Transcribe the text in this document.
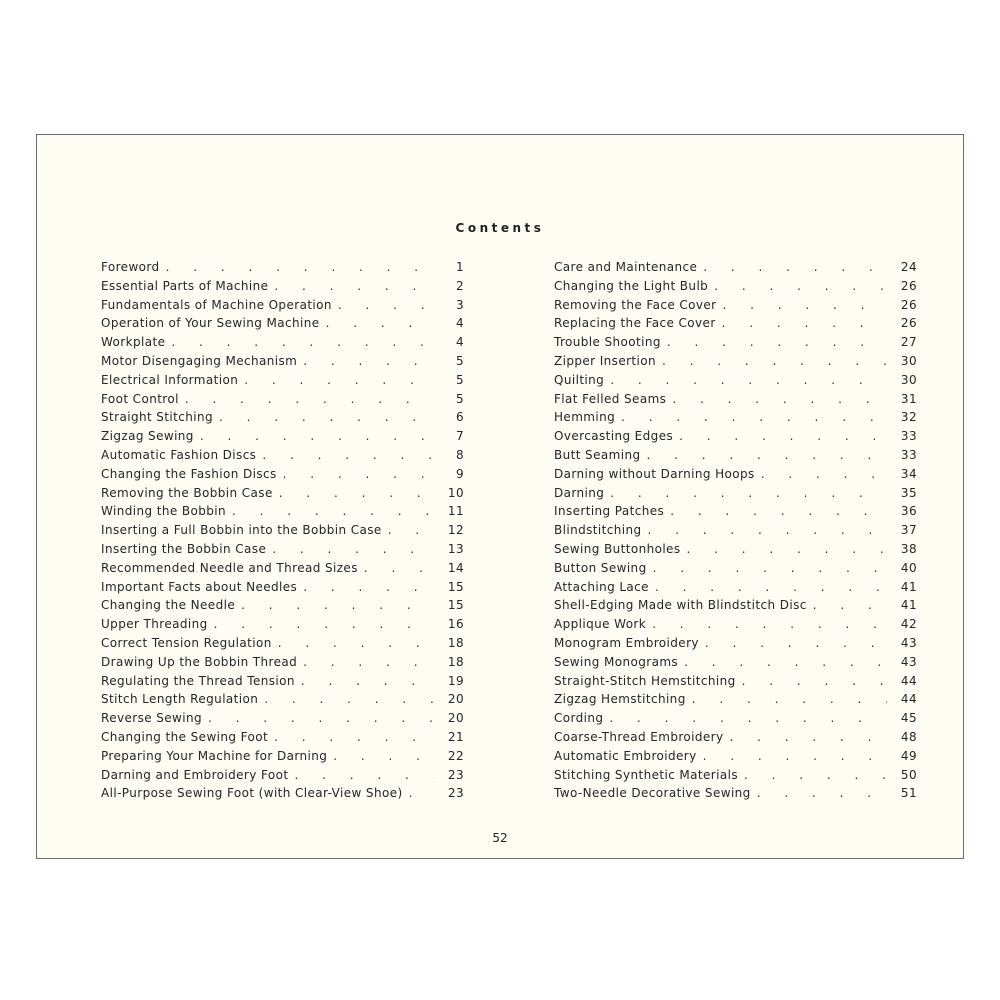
Contents
Foreword . . .	1
Essential Parts of Machine . . .	2
Fundamentals of Machine Operation . . .	3
Operation of Your Sewing Machine . . .	4
Workplate . . .	4
Motor Disengaging Mechanism . . .	5
Electrical Information . . .	5
Foot Control . . .	5
Straight Stitching . . .	6
Zigzag Sewing . . .	7
Automatic Fashion Discs . . .	8
Changing the Fashion Discs . . .	9
Removing the Bobbin Case . . .	10
Winding the Bobbin . . .	11
Inserting a Full Bobbin into the Bobbin Case . . .	12
Inserting the Bobbin Case . . .	13
Recommended Needle and Thread Sizes . . .	14
Important Facts about Needles . . .	15
Changing the Needle . . .	15
Upper Threading . . .	16
Correct Tension Regulation . . .	18
Drawing Up the Bobbin Thread . . .	18
Regulating the Thread Tension . . .	19
Stitch Length Regulation . . .	20
Reverse Sewing . . .	20
Changing the Sewing Foot . . .	21
Preparing Your Machine for Darning . . .	22
Darning and Embroidery Foot . . .	23
All-Purpose Sewing Foot (with Clear-View Shoe) . . .	23
Care and Maintenance . . .	24
Changing the Light Bulb . . .	26
Removing the Face Cover . . .	26
Replacing the Face Cover . . .	26
Trouble Shooting . . .	27
Zipper Insertion . . .	30
Quilting . . .	30
Flat Felled Seams . . .	31
Hemming . . .	32
Overcasting Edges . . .	33
Butt Seaming . . .	33
Darning without Darning Hoops . . .	34
Darning . . .	35
Inserting Patches . . .	36
Blindstitching . . .	37
Sewing Buttonholes . . .	38
Button Sewing . . .	40
Attaching Lace . . .	41
Shell-Edging Made with Blindstitch Disc . . .	41
Applique Work . . .	42
Monogram Embroidery . . .	43
Sewing Monograms . . .	43
Straight-Stitch Hemstitching . . .	44
Zigzag Hemstitching . . .	44
Cording . . .	45
Coarse-Thread Embroidery . . .	48
Automatic Embroidery . . .	49
Stitching Synthetic Materials . . .	50
Two-Needle Decorative Sewing . . .	51
52
